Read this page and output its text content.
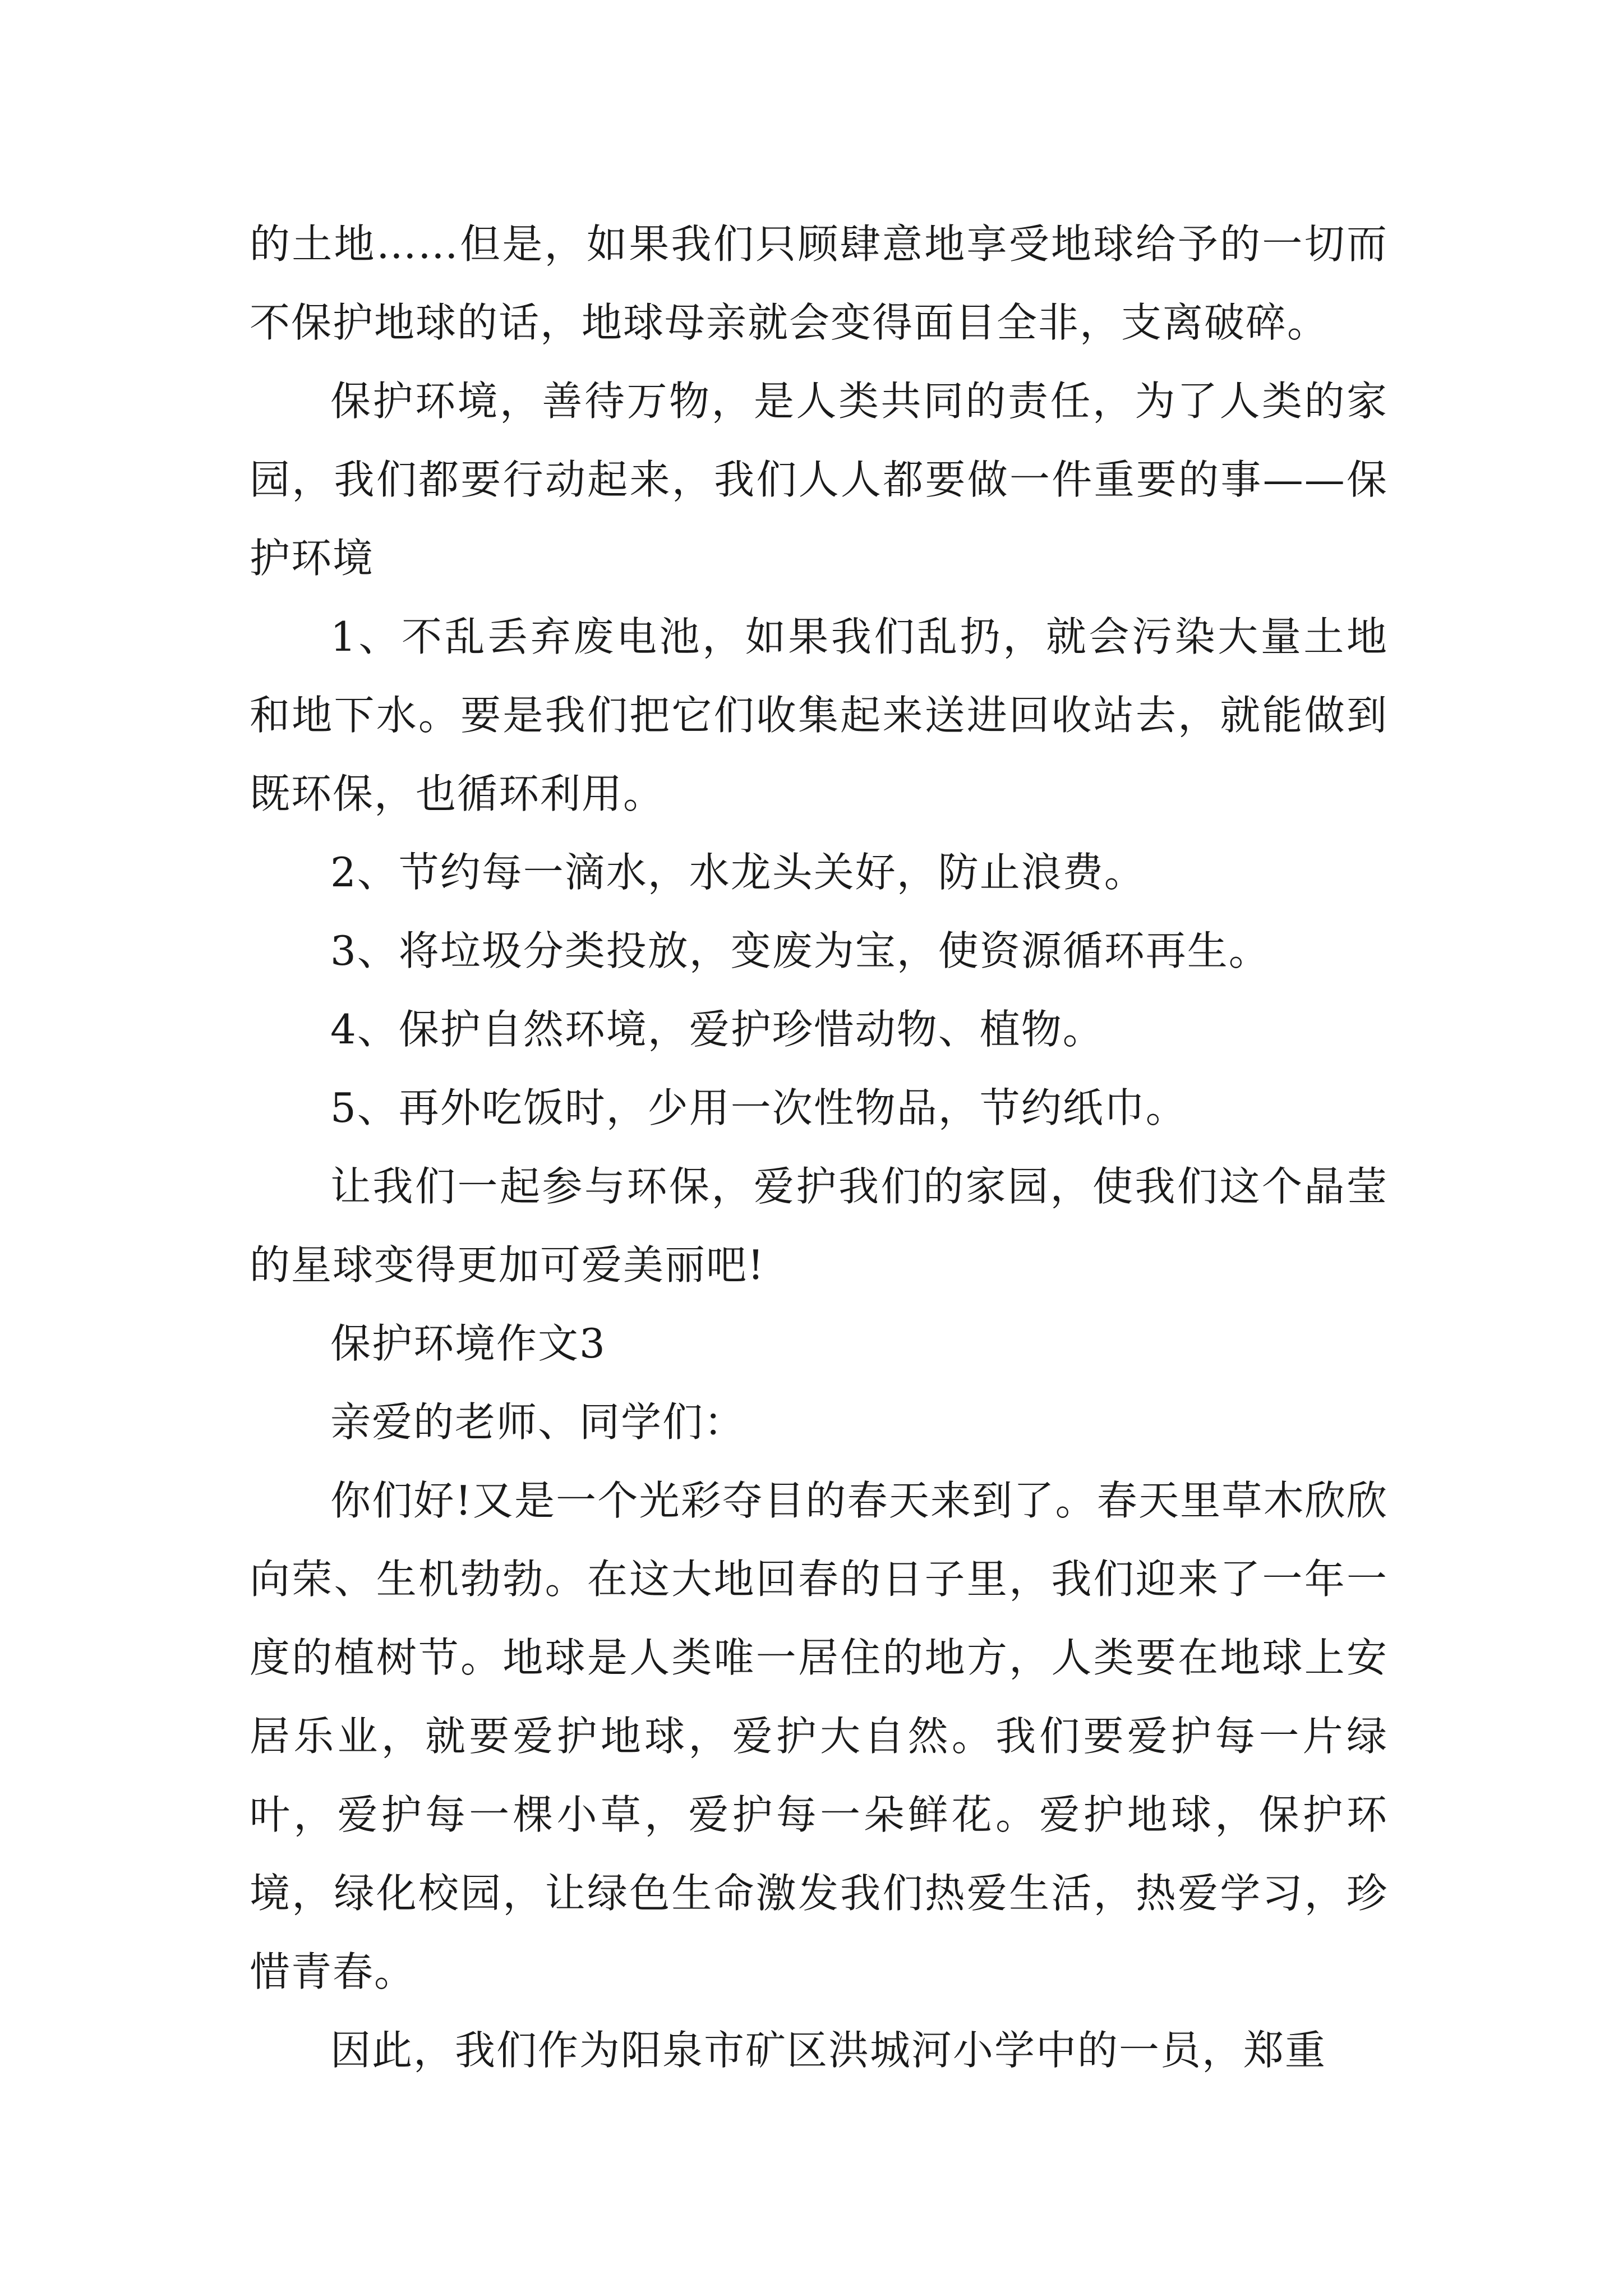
的土地……但是，如果我们只顾肆意地享受地球给予的一切而不保护地球的话，地球母亲就会变得面目全非，支离破碎。

保护环境，善待万物，是人类共同的责任，为了人类的家园，我们都要行动起来，我们人人都要做一件重要的事——保护环境

1、不乱丢弃废电池，如果我们乱扔，就会污染大量土地和地下水。要是我们把它们收集起来送进回收站去，就能做到既环保，也循环利用。

2、节约每一滴水，水龙头关好，防止浪费。

3、将垃圾分类投放，变废为宝，使资源循环再生。

4、保护自然环境，爱护珍惜动物、植物。

5、再外吃饭时，少用一次性物品，节约纸巾。

让我们一起参与环保，爱护我们的家园，使我们这个晶莹的星球变得更加可爱美丽吧!

保护环境作文3

亲爱的老师、同学们：

你们好!又是一个光彩夺目的春天来到了。春天里草木欣欣向荣、生机勃勃。在这大地回春的日子里，我们迎来了一年一度的植树节。地球是人类唯一居住的地方，人类要在地球上安居乐业，就要爱护地球，爱护大自然。我们要爱护每一片绿叶，爱护每一棵小草，爱护每一朵鲜花。爱护地球，保护环境，绿化校园，让绿色生命激发我们热爱生活，热爱学习，珍惜青春。

因此，我们作为阳泉市矿区洪城河小学中的一员，郑重
